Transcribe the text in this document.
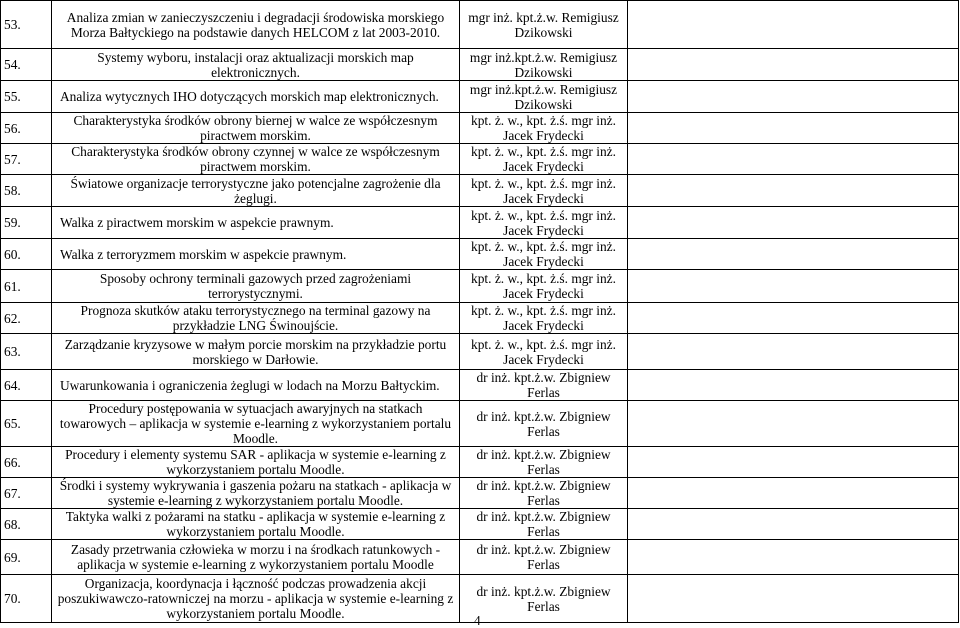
53.	Analiza zmian w zanieczyszczeniu i degradacji środowiska morskiego Morza Bałtyckiego na podstawie danych HELCOM z lat 2003-2010.	mgr inż. kpt.ż.w. Remigiusz Dzikowski	
54.	Systemy wyboru, instalacji oraz aktualizacji morskich map elektronicznych.	mgr inż.kpt.ż.w. Remigiusz Dzikowski	
55.	Analiza wytycznych IHO dotyczących morskich map elektronicznych.	mgr inż.kpt.ż.w. Remigiusz Dzikowski	
56.	Charakterystyka środków obrony biernej w walce ze współczesnym piractwem morskim.	kpt. ż. w., kpt. ż.ś. mgr inż. Jacek Frydecki	
57.	Charakterystyka środków obrony czynnej w walce ze współczesnym piractwem morskim.	kpt. ż. w., kpt. ż.ś. mgr inż. Jacek Frydecki	
58.	Światowe organizacje terrorystyczne jako potencjalne zagrożenie dla żeglugi.	kpt. ż. w., kpt. ż.ś. mgr inż. Jacek Frydecki	
59.	Walka z piractwem morskim w aspekcie prawnym.	kpt. ż. w., kpt. ż.ś. mgr inż. Jacek Frydecki	
60.	Walka z terroryzmem morskim w aspekcie prawnym.	kpt. ż. w., kpt. ż.ś. mgr inż. Jacek Frydecki	
61.	Sposoby ochrony terminali gazowych przed zagrożeniami terrorystycznymi.	kpt. ż. w., kpt. ż.ś. mgr inż. Jacek Frydecki	
62.	Prognoza skutków ataku terrorystycznego na terminal gazowy na przykładzie LNG Świnoujście.	kpt. ż. w., kpt. ż.ś. mgr inż. Jacek Frydecki	
63.	Zarządzanie kryzysowe w małym porcie morskim na przykładzie portu morskiego w Darłowie.	kpt. ż. w., kpt. ż.ś. mgr inż. Jacek Frydecki	
64.	Uwarunkowania i ograniczenia żeglugi w lodach na Morzu Bałtyckim.	dr inż. kpt.ż.w. Zbigniew Ferlas	
65.	Procedury postępowania w sytuacjach awaryjnych na statkach towarowych – aplikacja w systemie e-learning z wykorzystaniem portalu Moodle.	dr inż. kpt.ż.w. Zbigniew Ferlas	
66.	Procedury i elementy systemu SAR - aplikacja w systemie e-learning z wykorzystaniem portalu Moodle.	dr inż. kpt.ż.w. Zbigniew Ferlas	
67.	Środki i systemy wykrywania i gaszenia pożaru na statkach - aplikacja w systemie e-learning z wykorzystaniem portalu Moodle.	dr inż. kpt.ż.w. Zbigniew Ferlas	
68.	Taktyka walki z pożarami na statku - aplikacja w systemie e-learning z wykorzystaniem portalu Moodle.	dr inż. kpt.ż.w. Zbigniew Ferlas	
69.	Zasady przetrwania człowieka w morzu i na środkach ratunkowych - aplikacja w systemie e-learning z wykorzystaniem portalu Moodle	dr inż. kpt.ż.w. Zbigniew Ferlas	
70.	Organizacja, koordynacja i łączność podczas prowadzenia akcji poszukiwawczo-ratowniczej na morzu - aplikacja w systemie e-learning z wykorzystaniem portalu Moodle.	dr inż. kpt.ż.w. Zbigniew Ferlas	
4
